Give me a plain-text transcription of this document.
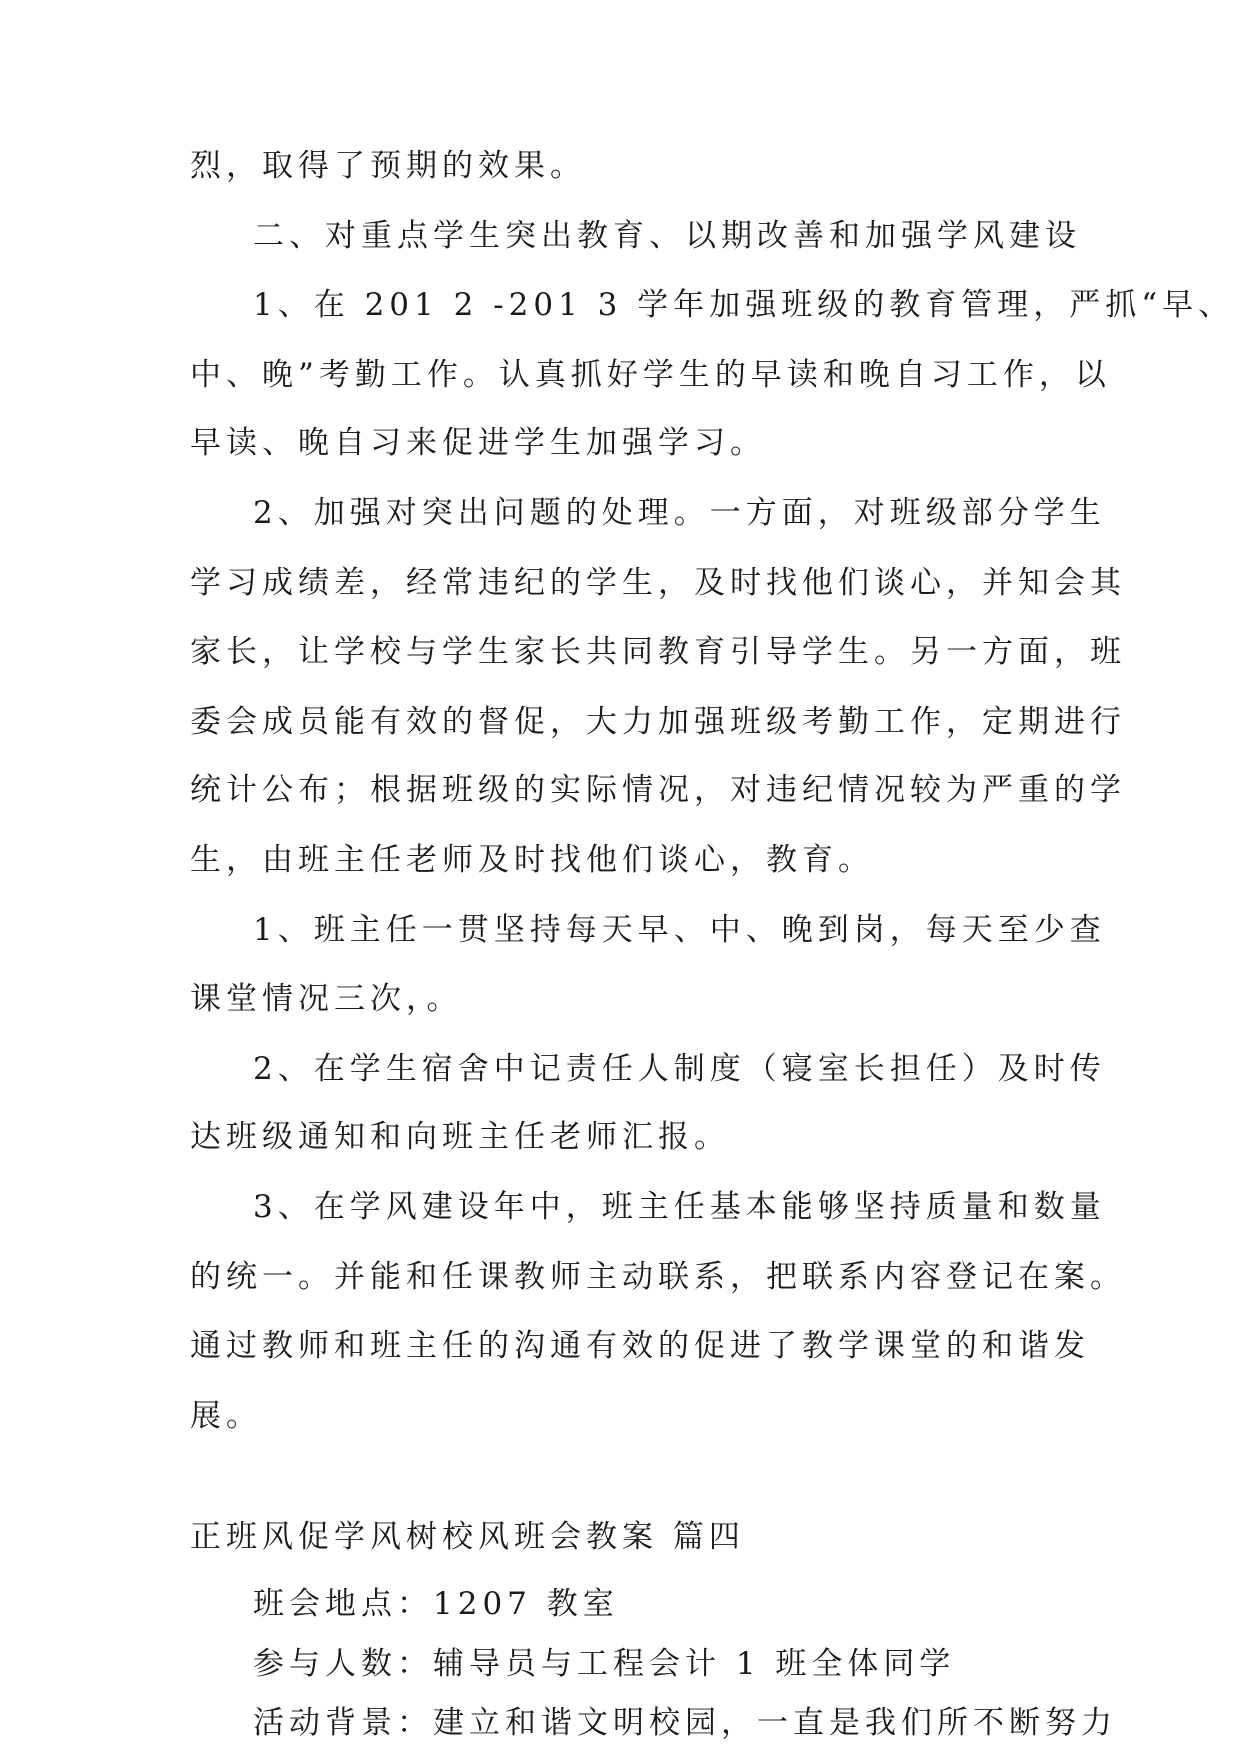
烈，取得了预期的效果。
二、对重点学生突出教育、以期改善和加强学风建设
1、在 201 2 -201 3 学年加强班级的教育管理，严抓“早、
中、晚”考勤工作。认真抓好学生的早读和晚自习工作，以
早读、晚自习来促进学生加强学习。
2、加强对突出问题的处理。一方面，对班级部分学生
学习成绩差，经常违纪的学生，及时找他们谈心，并知会其
家长，让学校与学生家长共同教育引导学生。另一方面，班
委会成员能有效的督促，大力加强班级考勤工作，定期进行
统计公布；根据班级的实际情况，对违纪情况较为严重的学
生，由班主任老师及时找他们谈心，教育。
1、班主任一贯坚持每天早、中、晚到岗，每天至少查
课堂情况三次，。
2、在学生宿舍中记责任人制度（寝室长担任）及时传
达班级通知和向班主任老师汇报。
3、在学风建设年中，班主任基本能够坚持质量和数量
的统一。并能和任课教师主动联系，把联系内容登记在案。
通过教师和班主任的沟通有效的促进了教学课堂的和谐发
展。
正班风促学风树校风班会教案 篇四
班会地点：1207 教室
参与人数：辅导员与工程会计 1 班全体同学
活动背景：建立和谐文明校园，一直是我们所不断努力
